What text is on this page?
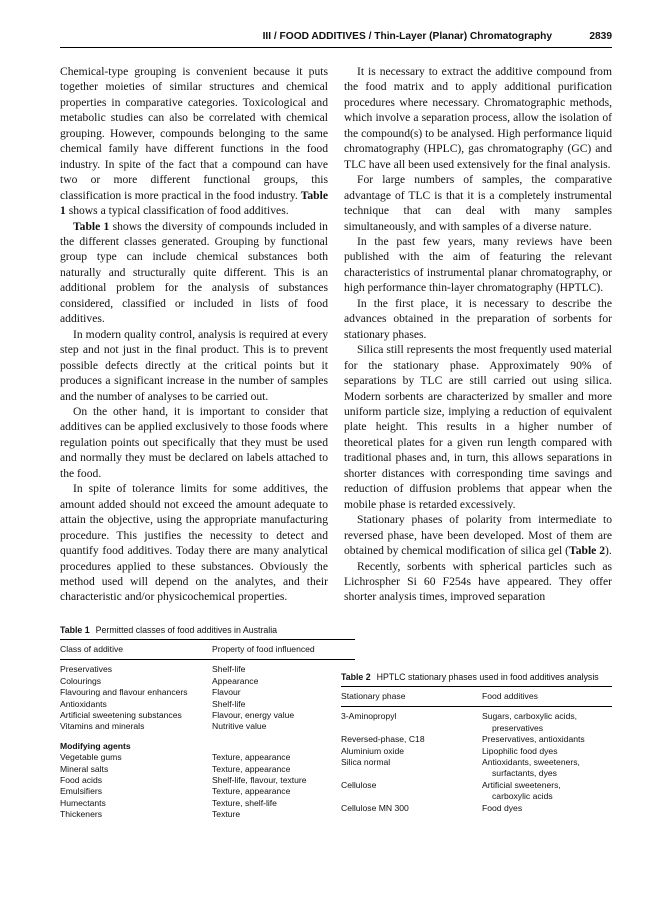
III / FOOD ADDITIVES / Thin-Layer (Planar) Chromatography	2839

Chemical-type grouping is convenient because it puts together moieties of similar structures and chemical properties in comparative categories. Toxicological and metabolic studies can also be correlated with chemical grouping. However, compounds belonging to the same chemical family have different functions in the food industry. In spite of the fact that a compound can have two or more different functional groups, this classification is more practical in the food industry. Table 1 shows a typical classification of food additives.

Table 1 shows the diversity of compounds included in the different classes generated. Grouping by functional group type can include chemical substances both naturally and structurally quite different. This is an additional problem for the analysis of substances considered, classified or included in lists of food additives.

In modern quality control, analysis is required at every step and not just in the final product. This is to prevent possible defects directly at the critical points but it produces a significant increase in the number of samples and the number of analyses to be carried out.

On the other hand, it is important to consider that additives can be applied exclusively to those foods where regulation points out specifically that they must be used and normally they must be declared on labels attached to the food.

In spite of tolerance limits for some additives, the amount added should not exceed the amount adequate to attain the objective, using the appropriate manufacturing procedure. This justifies the necessity to detect and quantify food additives. Today there are many analytical procedures applied to these substances. Obviously the method used will depend on the analytes, and their characteristic and/or physicochemical properties.

It is necessary to extract the additive compound from the food matrix and to apply additional purification procedures where necessary. Chromatographic methods, which involve a separation process, allow the isolation of the compound(s) to be analysed. High performance liquid chromatography (HPLC), gas chromatography (GC) and TLC have all been used extensively for the final analysis.

For large numbers of samples, the comparative advantage of TLC is that it is a completely instrumental technique that can deal with many samples simultaneously, and with samples of a diverse nature.

In the past few years, many reviews have been published with the aim of featuring the relevant characteristics of instrumental planar chromatography, or high performance thin-layer chromatography (HPTLC).

In the first place, it is necessary to describe the advances obtained in the preparation of sorbents for stationary phases.

Silica still represents the most frequently used material for the stationary phase. Approximately 90% of separations by TLC are still carried out using silica. Modern sorbents are characterized by smaller and more uniform particle size, implying a reduction of equivalent plate height. This results in a higher number of theoretical plates for a given run length compared with traditional phases and, in turn, this allows separations in shorter distances with corresponding time savings and reduction of diffusion problems that appear when the mobile phase is retarded excessively.

Stationary phases of polarity from intermediate to reversed phase, have been developed. Most of them are obtained by chemical modification of silica gel (Table 2).

Recently, sorbents with spherical particles such as Lichrospher Si 60 F254s have appeared. They offer shorter analysis times, improved separation

Table 1 Permitted classes of food additives in Australia
Class of additive	Property of food influenced
Preservatives	Shelf-life
Colourings	Appearance
Flavouring and flavour enhancers	Flavour
Antioxidants	Shelf-life
Artificial sweetening substances	Flavour, energy value
Vitamins and minerals	Nutritive value
Modifying agents
Vegetable gums	Texture, appearance
Mineral salts	Texture, appearance
Food acids	Shelf-life, flavour, texture
Emulsifiers	Texture, appearance
Humectants	Texture, shelf-life
Thickeners	Texture
Table 2 HPTLC stationary phases used in food additives analysis
Stationary phase	Food additives
3-Aminopropyl	Sugars, carboxylic acids,
preservatives
Reversed-phase, C18	Preservatives, antioxidants
Aluminium oxide	Lipophilic food dyes
Silica normal	Antioxidants, sweeteners,
surfactants, dyes
Cellulose	Artificial sweeteners,
carboxylic acids
Cellulose MN 300	Food dyes
